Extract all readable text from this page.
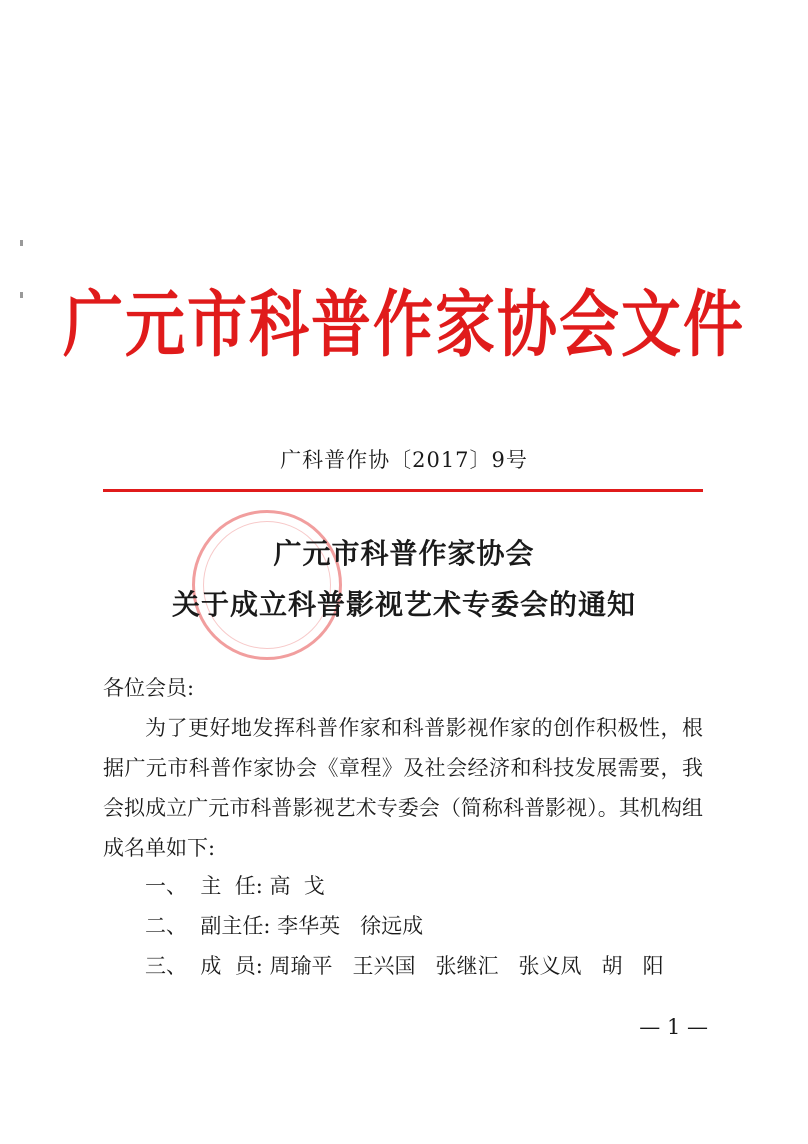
广元市科普作家协会文件
广科普作协〔2017〕9号
广元市科普作家协会
关于成立科普影视艺术专委会的通知
各位会员:
为了更好地发挥科普作家和科普影视作家的创作积极性，根据广元市科普作家协会《章程》及社会经济和科技发展需要，我会拟成立广元市科普影视艺术专委会（简称科普影视）。其机构组成名单如下:
一、  主  任: 高  戈
二、  副主任: 李华英   徐远成
三、  成  员: 周瑜平   王兴国   张继汇   张义凤   胡   阳
— 1 —
